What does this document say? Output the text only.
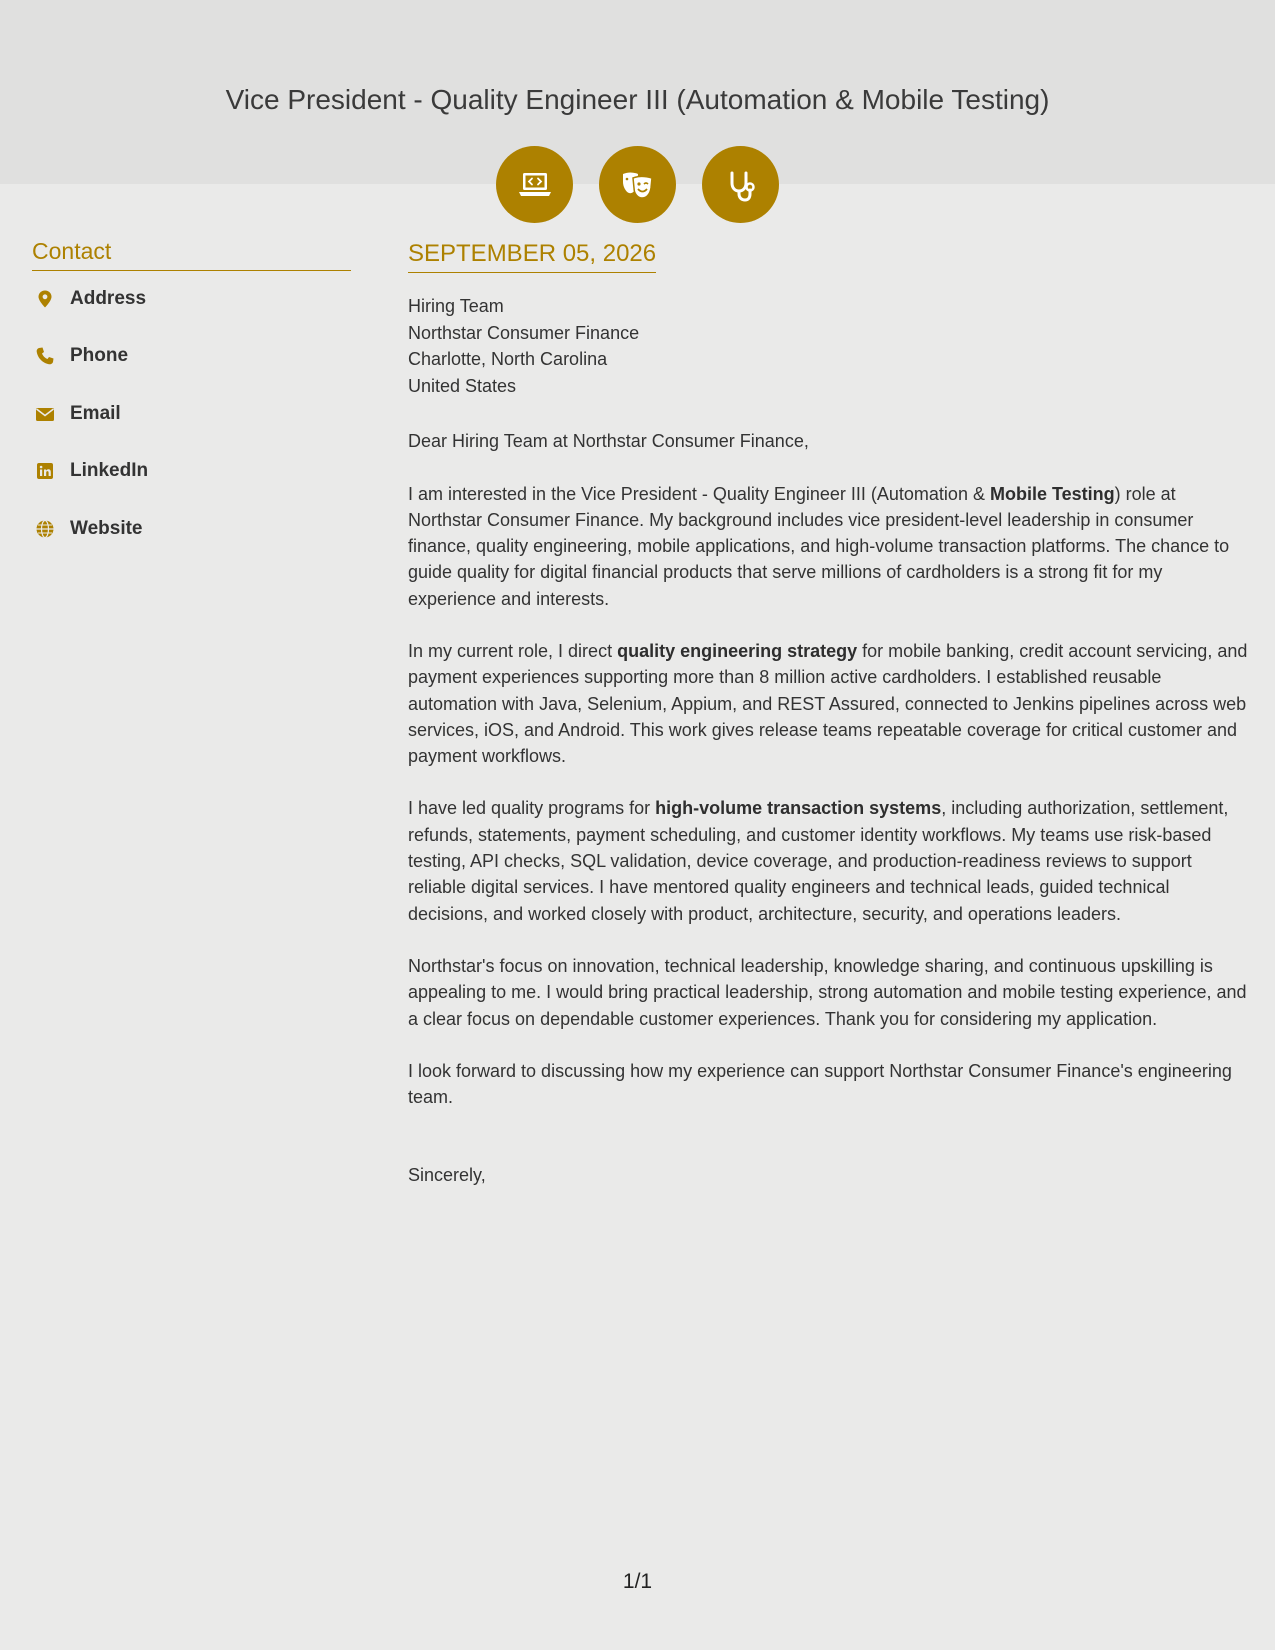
Vice President - Quality Engineer III (Automation & Mobile Testing)
Contact
Address
Phone
Email
LinkedIn
Website
SEPTEMBER 05, 2026
Hiring Team
Northstar Consumer Finance
Charlotte, North Carolina
United States
Dear Hiring Team at Northstar Consumer Finance,
I am interested in the Vice President - Quality Engineer III (Automation & Mobile Testing) role at Northstar Consumer Finance. My background includes vice president-level leadership in consumer finance, quality engineering, mobile applications, and high-volume transaction platforms. The chance to guide quality for digital financial products that serve millions of cardholders is a strong fit for my experience and interests.
In my current role, I direct quality engineering strategy for mobile banking, credit account servicing, and payment experiences supporting more than 8 million active cardholders. I established reusable automation with Java, Selenium, Appium, and REST Assured, connected to Jenkins pipelines across web services, iOS, and Android. This work gives release teams repeatable coverage for critical customer and payment workflows.
I have led quality programs for high-volume transaction systems, including authorization, settlement, refunds, statements, payment scheduling, and customer identity workflows. My teams use risk-based testing, API checks, SQL validation, device coverage, and production-readiness reviews to support reliable digital services. I have mentored quality engineers and technical leads, guided technical decisions, and worked closely with product, architecture, security, and operations leaders.
Northstar's focus on innovation, technical leadership, knowledge sharing, and continuous upskilling is appealing to me. I would bring practical leadership, strong automation and mobile testing experience, and a clear focus on dependable customer experiences. Thank you for considering my application.
I look forward to discussing how my experience can support Northstar Consumer Finance's engineering team.
Sincerely,
1/1
